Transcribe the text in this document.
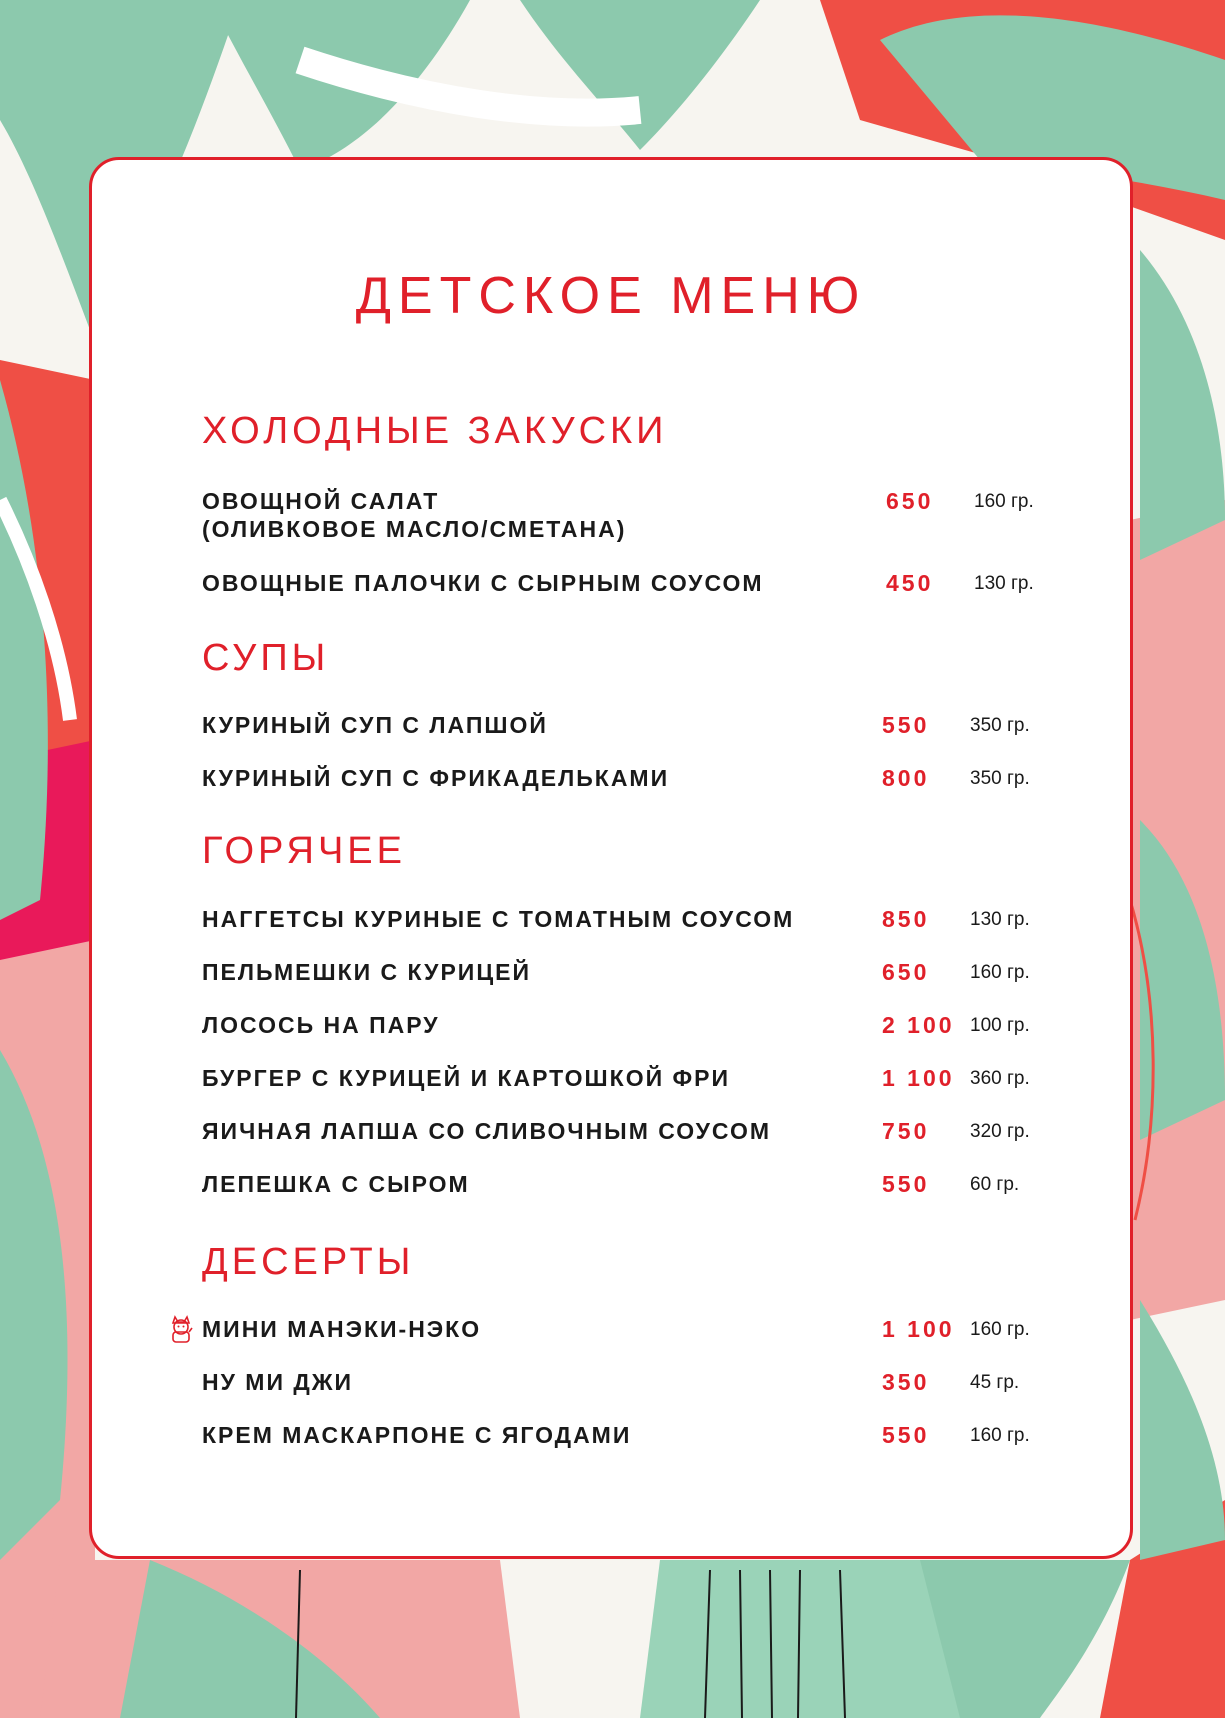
ДЕТСКОЕ МЕНЮ
ХОЛОДНЫЕ ЗАКУСКИ
ОВОЩНОЙ САЛАТ
(ОЛИВКОВОЕ МАСЛО/СМЕТАНА)
650 160 гр.
ОВОЩНЫЕ ПАЛОЧКИ С СЫРНЫМ СОУСОМ	450 130 гр.
СУПЫ
КУРИНЫЙ СУП С ЛАПШОЙ	550 350 гр.
КУРИНЫЙ СУП С ФРИКАДЕЛЬКАМИ	800 350 гр.
ГОРЯЧЕЕ
НАГГЕТСЫ КУРИНЫЕ С ТОМАТНЫМ СОУСОМ	850 130 гр.
ПЕЛЬМЕШКИ С КУРИЦЕЙ	650 160 гр.
ЛОСОСЬ НА ПАРУ	2 100 100 гр.
БУРГЕР С КУРИЦЕЙ И КАРТОШКОЙ ФРИ	1 100 360 гр.
ЯИЧНАЯ ЛАПША СО СЛИВОЧНЫМ СОУСОМ	750 320 гр.
ЛЕПЕШКА С СЫРОМ	550 60 гр.
ДЕСЕРТЫ
МИНИ МАНЭКИ-НЭКО	1 100 160 гр.
НУ МИ ДЖИ	350 45 гр.
КРЕМ МАСКАРПОНЕ С ЯГОДАМИ	550 160 гр.
